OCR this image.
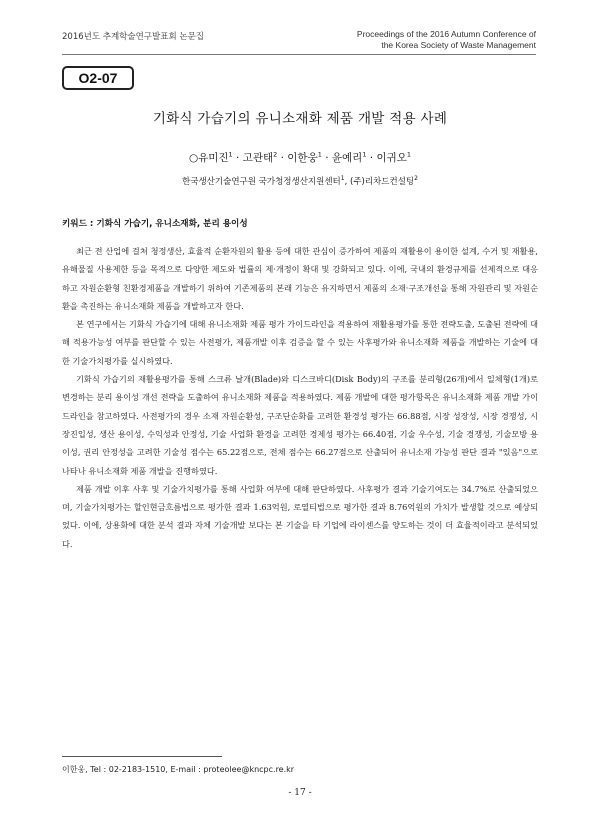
2016년도 추계학술연구발표회 논문집	Proceedings of the 2016 Autumn Conference of
the Korea Society of Waste Management
O2-07
기화식 가습기의 유니소재화 제품 개발 적용 사례
○유미진$^1$ · 고관태$^2$ · 이한웅$^1$ · 윤예리$^1$ · 이귀오$^1$
한국생산기술연구원 국가청정생산지원센터$^1$, (주)리차드컨설팅$^2$
키워드 : 기화식 가습기, 유니소재화, 분리 용이성

최근 전 산업에 걸쳐 청정생산, 효율적 순환자원의 활용 등에 대한 관심이 증가하여 제품의 재활용이 용이한 설계, 수거 및 재활용, 유해물질 사용제한 등을 목적으로 다양한 제도와 법률의 제·개정이 확대 및 강화되고 있다. 이에, 국내의 환경규제를 선제적으로 대응하고 자원순환형 친환경제품을 개발하기 위하여 기존제품의 본래 기능은 유지하면서 제품의 소재·구조개선을 통해 자원관리 및 자원순환을 촉진하는 유니소재화 제품을 개발하고자 한다.

본 연구에서는 기화식 가습기에 대해 유니소재화 제품 평가 가이드라인을 적용하여 재활용평가를 통한 전략도출, 도출된 전략에 대해 적용가능성 여부를 판단할 수 있는 사전평가, 제품개발 이후 검증을 할 수 있는 사후평가와 유니소재화 제품을 개발하는 기술에 대한 기술가치평가를 실시하였다.

기화식 가습기의 재활용평가를 통해 스크류 날개(Blade)와 디스크바디(Disk Body)의 구조를 분리형(26개)에서 일체형(1개)로 변경하는 분리 용이성 개선 전략을 도출하여 유니소재화 제품을 적용하였다. 제품 개발에 대한 평가항목은 유니소재화 제품 개발 가이드라인을 참고하였다. 사전평가의 경우 소재 자원순환성, 구조단순화를 고려한 환경성 평가는 66.88점, 시장 성장성, 시장 경쟁성, 시장진입성, 생산 용이성, 수익성과 안정성, 기술 사업화 환경을 고려한 경제성 평가는 66.40점, 기술 우수성, 기술 경쟁성, 기술모방 용이성, 권리 안정성을 고려한 기술성 점수는 65.22점으로, 전체 점수는 66.27점으로 산출되어 유니소재 가능성 판단 결과 "있음"으로 나타나 유니소재화 제품 개발을 진행하였다.

제품 개발 이후 사후 및 기술가치평가를 통해 사업화 여부에 대해 판단하였다. 사후평가 결과 기술기여도는 34.7%로 산출되었으며, 기술가치평가는 할인현금흐름법으로 평가한 결과 1.63억원, 로열티법으로 평가한 결과 8.76억원의 가치가 발생할 것으로 예상되었다. 이에, 상용화에 대한 분석 결과 자체 기술개발 보다는 본 기술을 타 기업에 라이센스를 양도하는 것이 더 효율적이라고 분석되었다.

이한웅, Tel : 02-2183-1510, E-mail : proteolee@kncpc.re.kr
- 17 -
